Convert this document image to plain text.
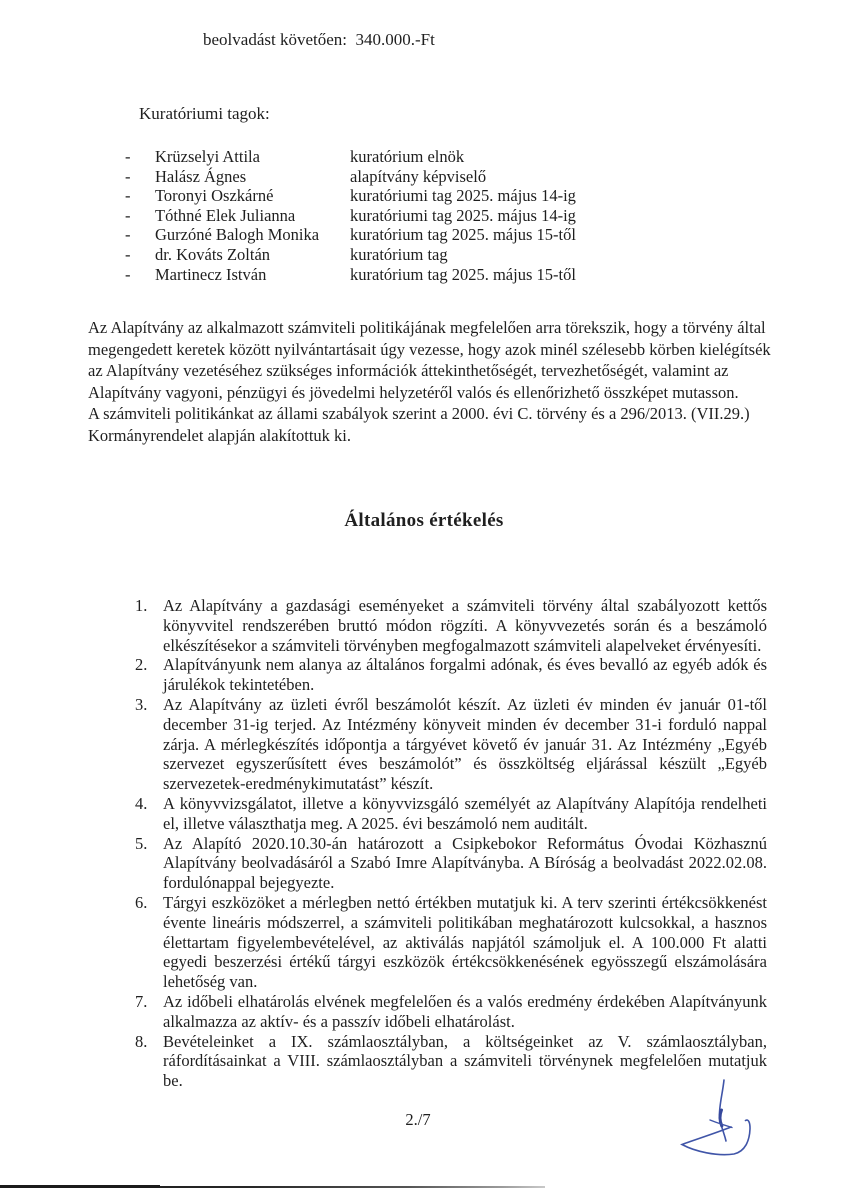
beolvadást követően:  340.000.-Ft
Kuratóriumi tagok:
-	Krüzselyi Attila	kuratórium elnök
-	Halász Ágnes	alapítvány képviselő
-	Toronyi Oszkárné	kuratóriumi tag 2025. május 14-ig
-	Tóthné Elek Julianna	kuratóriumi tag 2025. május 14-ig
-	Gurzóné Balogh Monika	kuratórium tag 2025. május 15-től
-	dr. Kováts Zoltán	kuratórium tag
-	Martinecz István	kuratórium tag 2025. május 15-től

Az Alapítvány az alkalmazott számviteli politikájának megfelelően arra törekszik, hogy a törvény által megengedett keretek között nyilvántartásait úgy vezesse, hogy azok minél szélesebb körben kielégítsék az Alapítvány vezetéséhez szükséges információk áttekinthetőségét, tervezhetőségét, valamint az Alapítvány vagyoni, pénzügyi és jövedelmi helyzetéről valós és ellenőrizhető összképet mutasson.

A számviteli politikánkat az állami szabályok szerint a 2000. évi C. törvény és a 296/2013. (VII.29.) Kormányrendelet alapján alakítottuk ki.

Általános értékelés
1. Az Alapítvány a gazdasági eseményeket a számviteli törvény által szabályozott kettős könyvvitel rendszerében bruttó módon rögzíti. A könyvvezetés során és a beszámoló elkészítésekor a számviteli törvényben megfogalmazott számviteli alapelveket érvényesíti.
2. Alapítványunk nem alanya az általános forgalmi adónak, és éves bevalló az egyéb adók és járulékok tekintetében.
3. Az Alapítvány az üzleti évről beszámolót készít. Az üzleti év minden év január 01-től december 31-ig terjed. Az Intézmény könyveit minden év december 31-i forduló nappal zárja. A mérlegkészítés időpontja a tárgyévet követő év január 31. Az Intézmény „Egyéb szervezet egyszerűsített éves beszámolót” és összköltség eljárással készült „Egyéb szervezetek-eredménykimutatást” készít.
4. A könyvvizsgálatot, illetve a könyvvizsgáló személyét az Alapítvány Alapítója rendelheti el, illetve választhatja meg. A 2025. évi beszámoló nem auditált.
5. Az Alapító 2020.10.30-án határozott a Csipkebokor Református Óvodai Közhasznú Alapítvány beolvadásáról a Szabó Imre Alapítványba. A Bíróság a beolvadást 2022.02.08. fordulónappal bejegyezte.
6. Tárgyi eszközöket a mérlegben nettó értékben mutatjuk ki. A terv szerinti értékcsökkenést évente lineáris módszerrel, a számviteli politikában meghatározott kulcsokkal, a hasznos élettartam figyelembevételével, az aktiválás napjától számoljuk el. A 100.000 Ft alatti egyedi beszerzési értékű tárgyi eszközök értékcsökkenésének egyösszegű elszámolására lehetőség van.
7. Az időbeli elhatárolás elvének megfelelően és a valós eredmény érdekében Alapítványunk alkalmazza az aktív- és a passzív időbeli elhatárolást.
8. Bevételeinket a IX. számlaosztályban, a költségeinket az V. számlaosztályban, ráfordításainkat a VIII. számlaosztályban a számviteli törvénynek megfelelően mutatjuk be.
2./7
